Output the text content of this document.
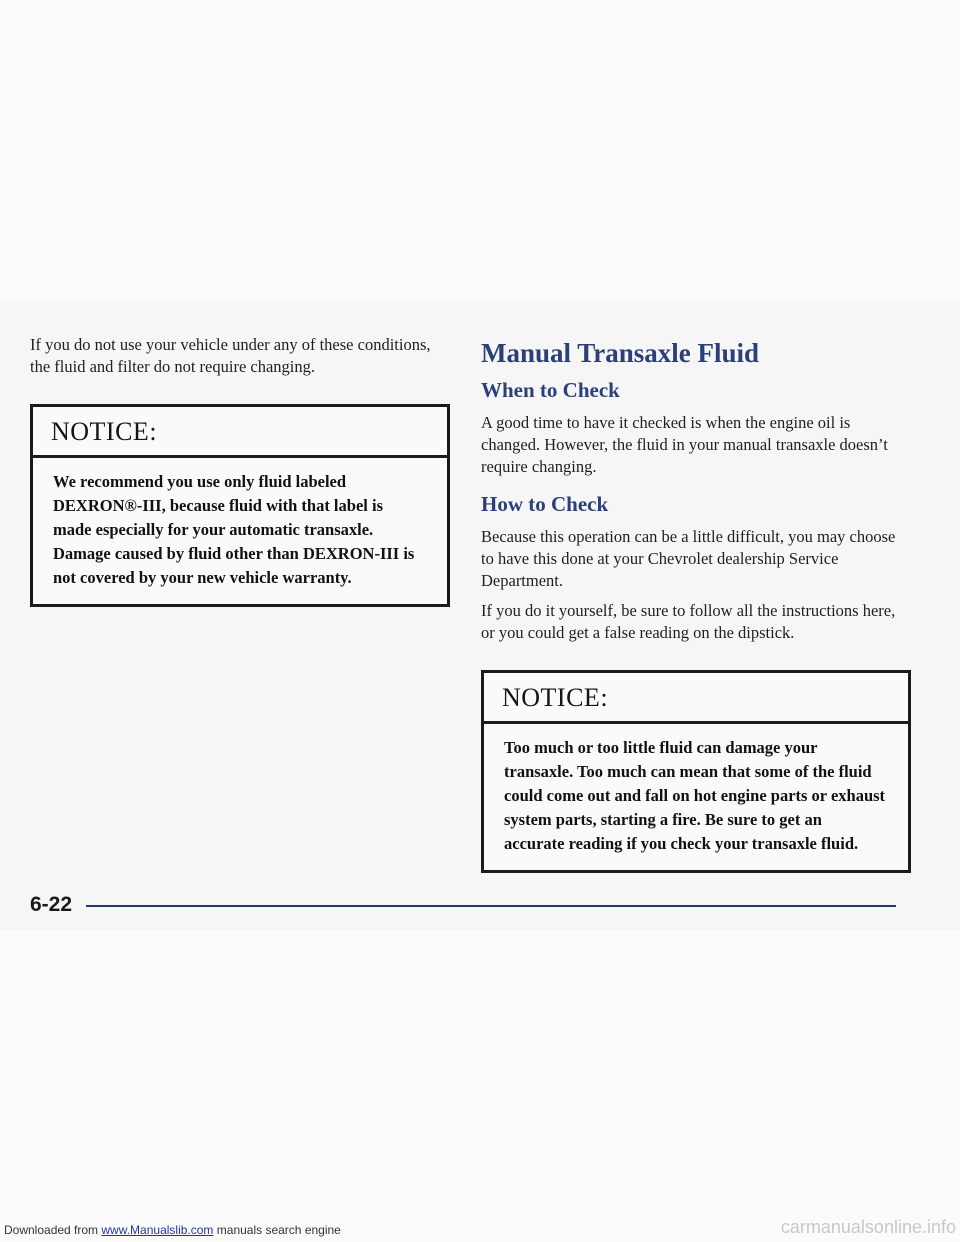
If you do not use your vehicle under any of these conditions, the fluid and filter do not require changing.

NOTICE:
We recommend you use only fluid labeled DEXRON®-III, because fluid with that label is made especially for your automatic transaxle. Damage caused by fluid other than DEXRON-III is not covered by your new vehicle warranty.
Manual Transaxle Fluid
When to Check

A good time to have it checked is when the engine oil is changed. However, the fluid in your manual transaxle doesn’t require changing.

How to Check

Because this operation can be a little difficult, you may choose to have this done at your Chevrolet dealership Service Department.

If you do it yourself, be sure to follow all the instructions here, or you could get a false reading on the dipstick.

NOTICE:
Too much or too little fluid can damage your transaxle. Too much can mean that some of the fluid could come out and fall on hot engine parts or exhaust system parts, starting a fire. Be sure to get an accurate reading if you check your transaxle fluid.
6-22
Downloaded from www.Manualslib.com manuals search engine	carmanualsonline.info
